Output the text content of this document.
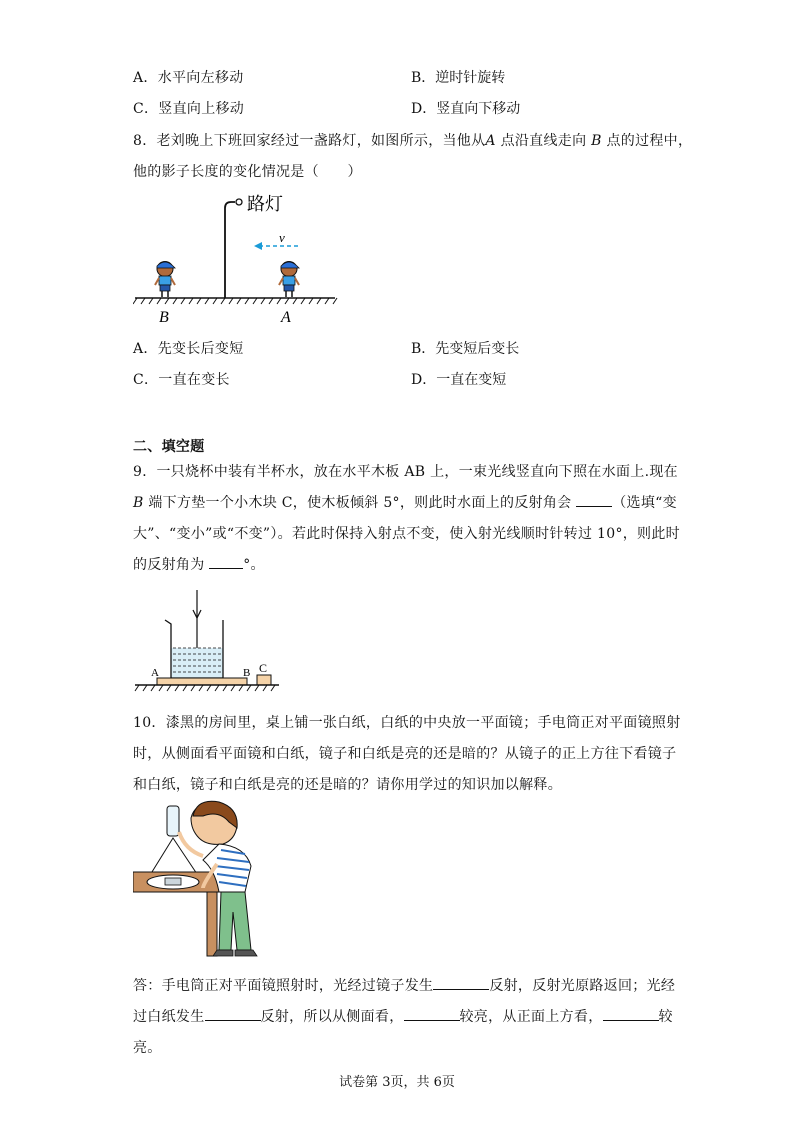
A．水平向左移动	B．逆时针旋转
C．竖直向上移动	D．竖直向下移动
8．老刘晚上下班回家经过一盏路灯，如图所示，当他从A 点沿直线走向 B 点的过程中，
他的影子长度的变化情况是（　　）
路灯
v
B	A
A．先变长后变短	B．先变短后变长
C．一直在变长	D．一直在变短
二、填空题
9．一只烧杯中装有半杯水，放在水平木板 AB 上，一束光线竖直向下照在水面上.现在
B 端下方垫一个小木块 C，使木板倾斜 5°，则此时水面上的反射角会	（选填“变
大”、“变小”或“不变”）。若此时保持入射点不变，使入射光线顺时针转过 10°，则此时
的反射角为 °。
A	B C
10．漆黑的房间里，桌上铺一张白纸，白纸的中央放一平面镜；手电筒正对平面镜照射
时，从侧面看平面镜和白纸，镜子和白纸是亮的还是暗的？从镜子的正上方往下看镜子
和白纸，镜子和白纸是亮的还是暗的？请你用学过的知识加以解释。
答：手电筒正对平面镜照射时，光经过镜子发生	反射，反射光原路返回；光经
过白纸发生	反射，所以从侧面看，	较亮，从正面上方看，	较
亮。
试卷第 3页，共 6页
